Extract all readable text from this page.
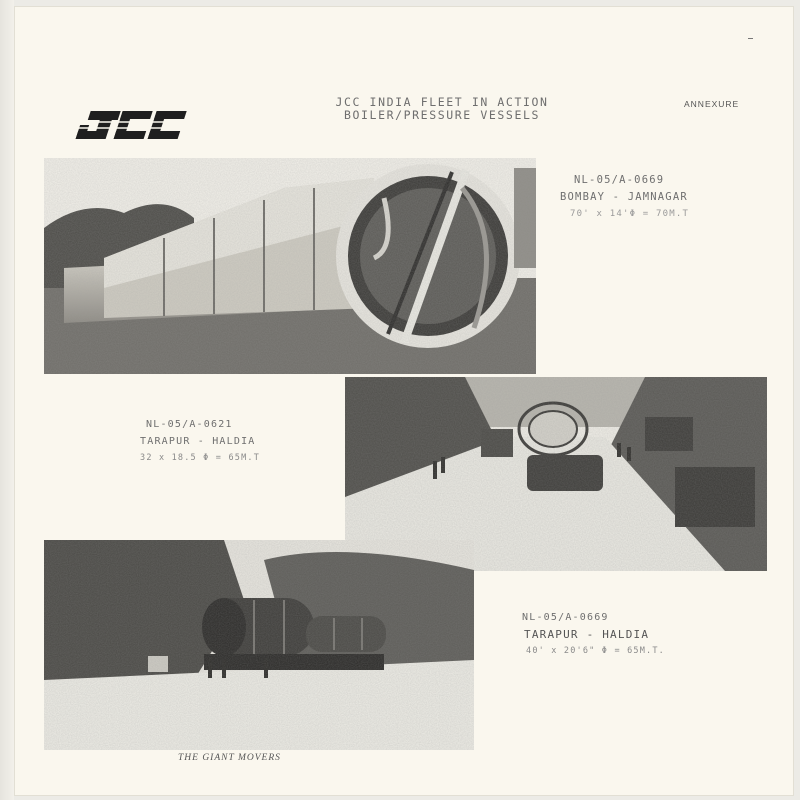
JCC	JCC INDIA FLEET IN ACTION
BOILER/PRESSURE VESSELS
ANNEXURE
NL-05/A-0669
BOMBAY - JAMNAGAR
70' x 14'Φ = 70M.T
NL-05/A-0621
TARAPUR - HALDIA
32 x 18.5 Φ = 65M.T
THE GIANT MOVERS
NL-05/A-0669
TARAPUR - HALDIA
40' x 20'6" Φ = 65M.T.
